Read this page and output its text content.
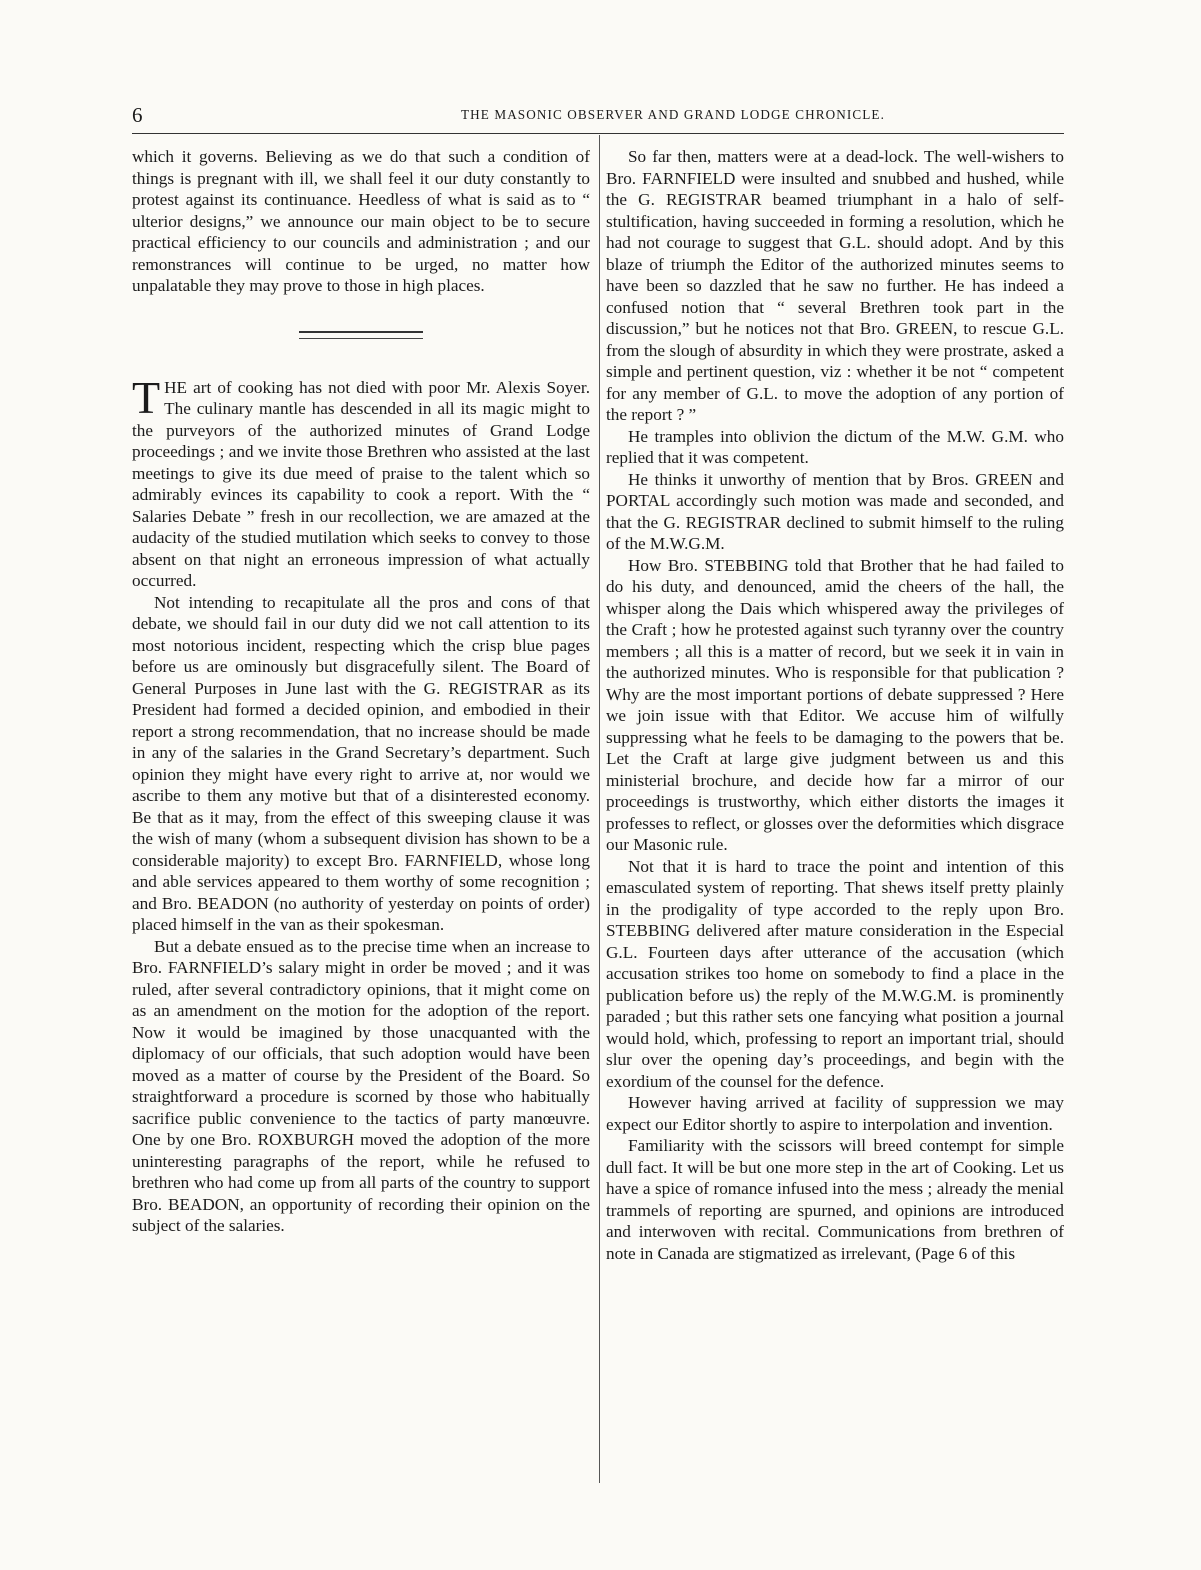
6	THE MASONIC OBSERVER AND GRAND LODGE CHRONICLE.

which it governs. Believing as we do that such a condition of things is pregnant with ill, we shall feel it our duty constantly to protest against its continuance. Heedless of what is said as to “ ulterior designs,” we announce our main object to be to secure practical efficiency to our councils and administration ; and our remonstrances will continue to be urged, no matter how unpalatable they may prove to those in high places.

THE art of cooking has not died with poor Mr. Alexis Soyer. The culinary mantle has descended in all its magic might to the purveyors of the authorized minutes of Grand Lodge proceedings ; and we invite those Brethren who assisted at the last meetings to give its due meed of praise to the talent which so admirably evinces its capability to cook a report. With the “ Salaries Debate ” fresh in our recollection, we are amazed at the audacity of the studied mutilation which seeks to convey to those absent on that night an erroneous impression of what actually occurred.

Not intending to recapitulate all the pros and cons of that debate, we should fail in our duty did we not call attention to its most notorious incident, respecting which the crisp blue pages before us are ominously but disgracefully silent. The Board of General Purposes in June last with the G. REGISTRAR as its President had formed a decided opinion, and embodied in their report a strong recommendation, that no increase should be made in any of the salaries in the Grand Secretary’s department. Such opinion they might have every right to arrive at, nor would we ascribe to them any motive but that of a disinterested economy. Be that as it may, from the effect of this sweeping clause it was the wish of many (whom a subsequent division has shown to be a considerable majority) to except Bro. FARNFIELD, whose long and able services appeared to them worthy of some recognition ; and Bro. BEADON (no authority of yesterday on points of order) placed himself in the van as their spokesman.

But a debate ensued as to the precise time when an increase to Bro. FARNFIELD’s salary might in order be moved ; and it was ruled, after several contradictory opinions, that it might come on as an amendment on the motion for the adoption of the report. Now it would be imagined by those unacquanted with the diplomacy of our officials, that such adoption would have been moved as a matter of course by the President of the Board. So straightforward a procedure is scorned by those who habitually sacrifice public convenience to the tactics of party manœuvre. One by one Bro. ROXBURGH moved the adoption of the more uninteresting paragraphs of the report, while he refused to brethren who had come up from all parts of the country to support Bro. BEADON, an opportunity of recording their opinion on the subject of the salaries.

So far then, matters were at a dead-lock. The well-wishers to Bro. FARNFIELD were insulted and snubbed and hushed, while the G. REGISTRAR beamed triumphant in a halo of self-stultification, having succeeded in forming a resolution, which he had not courage to suggest that G.L. should adopt. And by this blaze of triumph the Editor of the authorized minutes seems to have been so dazzled that he saw no further. He has indeed a confused notion that “ several Brethren took part in the discussion,” but he notices not that Bro. GREEN, to rescue G.L. from the slough of absurdity in which they were prostrate, asked a simple and pertinent question, viz : whether it be not “ competent for any member of G.L. to move the adoption of any portion of the report ? ”

He tramples into oblivion the dictum of the M.W. G.M. who replied that it was competent.

He thinks it unworthy of mention that by Bros. GREEN and PORTAL accordingly such motion was made and seconded, and that the G. REGISTRAR declined to submit himself to the ruling of the M.W.G.M.

How Bro. STEBBING told that Brother that he had failed to do his duty, and denounced, amid the cheers of the hall, the whisper along the Dais which whispered away the privileges of the Craft ; how he protested against such tyranny over the country members ; all this is a matter of record, but we seek it in vain in the authorized minutes. Who is responsible for that publication ? Why are the most important portions of debate suppressed ? Here we join issue with that Editor. We accuse him of wilfully suppressing what he feels to be damaging to the powers that be. Let the Craft at large give judgment between us and this ministerial brochure, and decide how far a mirror of our proceedings is trustworthy, which either distorts the images it professes to reflect, or glosses over the deformities which disgrace our Masonic rule.

Not that it is hard to trace the point and intention of this emasculated system of reporting. That shews itself pretty plainly in the prodigality of type accorded to the reply upon Bro. STEBBING delivered after mature consideration in the Especial G.L. Fourteen days after utterance of the accusation (which accusation strikes too home on somebody to find a place in the publication before us) the reply of the M.W.G.M. is prominently paraded ; but this rather sets one fancying what position a journal would hold, which, professing to report an important trial, should slur over the opening day’s proceedings, and begin with the exordium of the counsel for the defence.

However having arrived at facility of suppression we may expect our Editor shortly to aspire to interpolation and invention.

Familiarity with the scissors will breed contempt for simple dull fact. It will be but one more step in the art of Cooking. Let us have a spice of romance infused into the mess ; already the menial trammels of reporting are spurned, and opinions are introduced and interwoven with recital. Communications from brethren of note in Canada are stigmatized as irrelevant, (Page 6 of this
